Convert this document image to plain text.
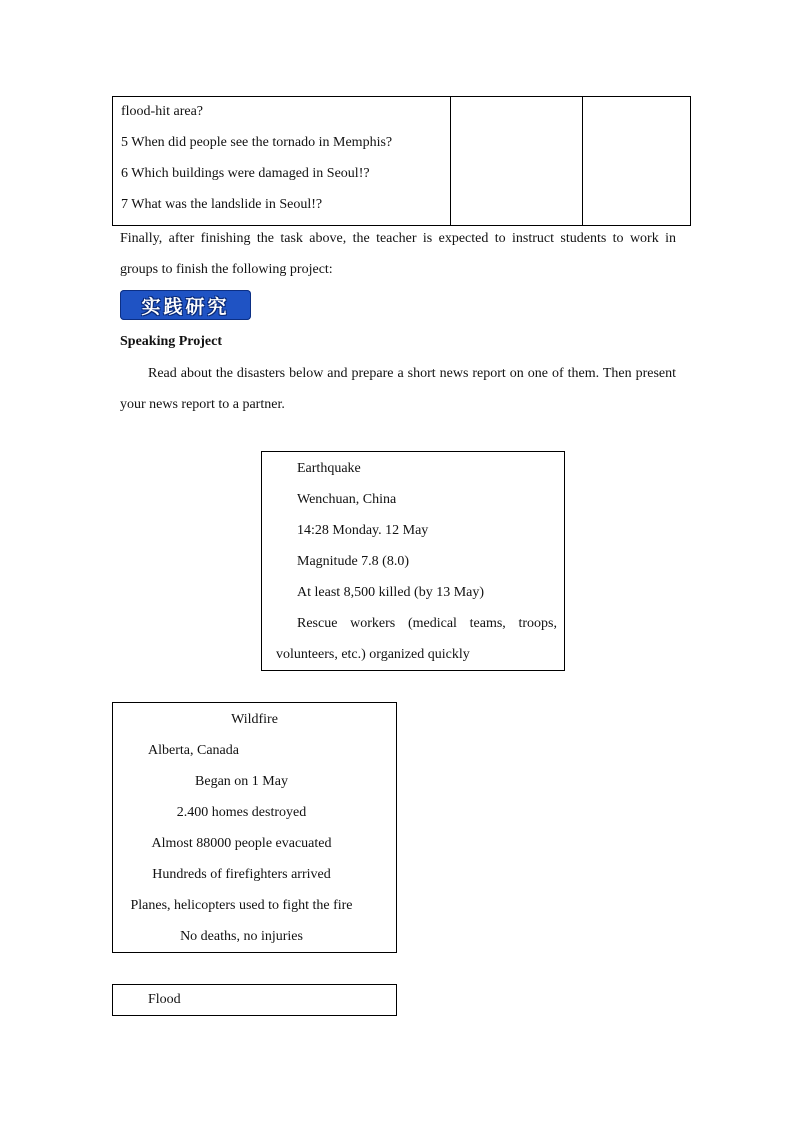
flood-hit area?
5 When did people see the tornado in Memphis?
6 Which buildings were damaged in Seoul!?
7 What was the landslide in Seoul!?

Finally, after finishing the task above, the teacher is expected to instruct students to work in
groups to finish the following project:
实践研究
Speaking Project
Read about the disasters below and prepare a short news report on one of them. Then present
your news report to a partner.
Earthquake
Wenchuan, China
14:28 Monday. 12 May
Magnitude 7.8 (8.0)
At least 8,500 killed (by 13 May)
Rescue workers (medical teams, troops,
volunteers, etc.) organized quickly
Wildfire
Alberta, Canada
Began on 1 May
2.400 homes destroyed
Almost 88000 people evacuated
Hundreds of firefighters arrived
Planes, helicopters used to fight the fire
No deaths, no injuries
Flood
